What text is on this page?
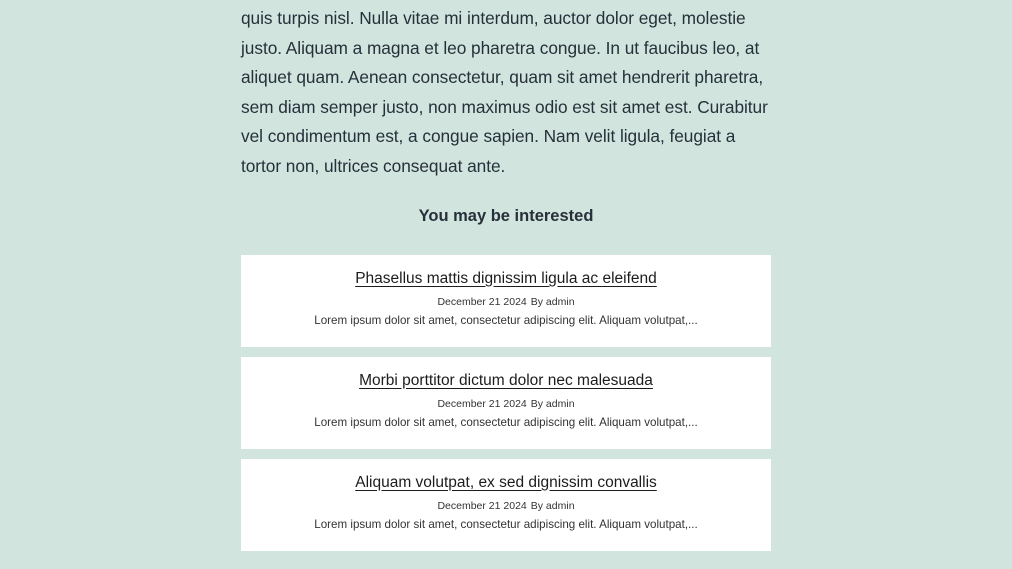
quis turpis nisl. Nulla vitae mi interdum, auctor dolor eget, molestie
justo. Aliquam a magna et leo pharetra congue. In ut faucibus leo, at
aliquet quam. Aenean consectetur, quam sit amet hendrerit pharetra,
sem diam semper justo, non maximus odio est sit amet est. Curabitur
vel condimentum est, a congue sapien. Nam velit ligula, feugiat a
tortor non, ultrices consequat ante.

You may be interested
Phasellus mattis dignissim ligula ac eleifend
December 21 2024 By admin
Lorem ipsum dolor sit amet, consectetur adipiscing elit. Aliquam volutpat,...
Morbi porttitor dictum dolor nec malesuada
December 21 2024 By admin
Lorem ipsum dolor sit amet, consectetur adipiscing elit. Aliquam volutpat,...
Aliquam volutpat, ex sed dignissim convallis
December 21 2024 By admin
Lorem ipsum dolor sit amet, consectetur adipiscing elit. Aliquam volutpat,...
